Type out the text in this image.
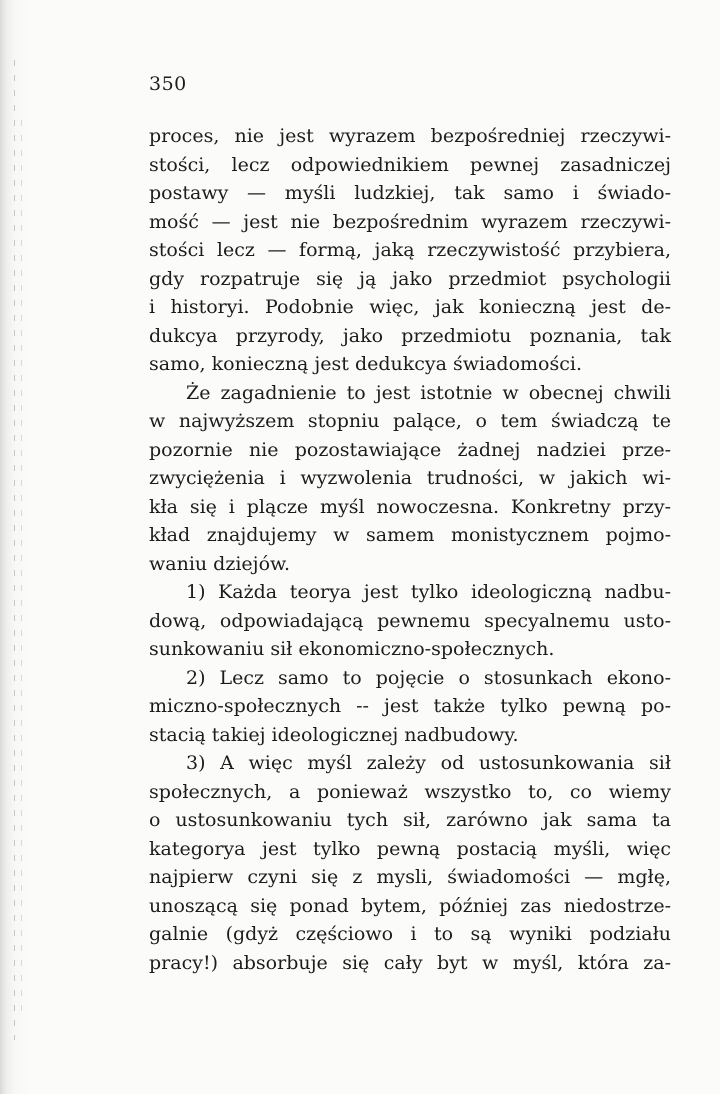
350
proces, nie jest wyrazem bezpośredniej rzeczywi-
stości, lecz odpowiednikiem pewnej zasadniczej
postawy — myśli ludzkiej, tak samo i świado-
mość — jest nie bezpośrednim wyrazem rzeczywi-
stości lecz — formą, jaką rzeczywistość przybiera,
gdy rozpatruje się ją jako przedmiot psychologii
i historyi. Podobnie więc, jak konieczną jest de-
dukcya przyrody, jako przedmiotu poznania, tak
samo, konieczną jest dedukcya świadomości.
Że zagadnienie to jest istotnie w obecnej chwili
w najwyższem stopniu palące, o tem świadczą te
pozornie nie pozostawiające żadnej nadziei prze-
zwyciężenia i wyzwolenia trudności, w jakich wi-
kła się i plącze myśl nowoczesna. Konkretny przy-
kład znajdujemy w samem monistycznem pojmo-
waniu dziejów.
1) Każda teorya jest tylko ideologiczną nadbu-
dową, odpowiadającą pewnemu specyalnemu usto-
sunkowaniu sił ekonomiczno-społecznych.
2) Lecz samo to pojęcie o stosunkach ekono-
miczno-społecznych -- jest także tylko pewną po-
stacią takiej ideologicznej nadbudowy.
3) A więc myśl zależy od ustosunkowania sił
społecznych, a ponieważ wszystko to, co wiemy
o ustosunkowaniu tych sił, zarówno jak sama ta
kategorya jest tylko pewną postacią myśli, więc
najpierw czyni się z mysli, świadomości — mgłę,
unoszącą się ponad bytem, później zas niedostrze-
galnie (gdyż częściowo i to są wyniki podziału
pracy!) absorbuje się cały byt w myśl, która za-
